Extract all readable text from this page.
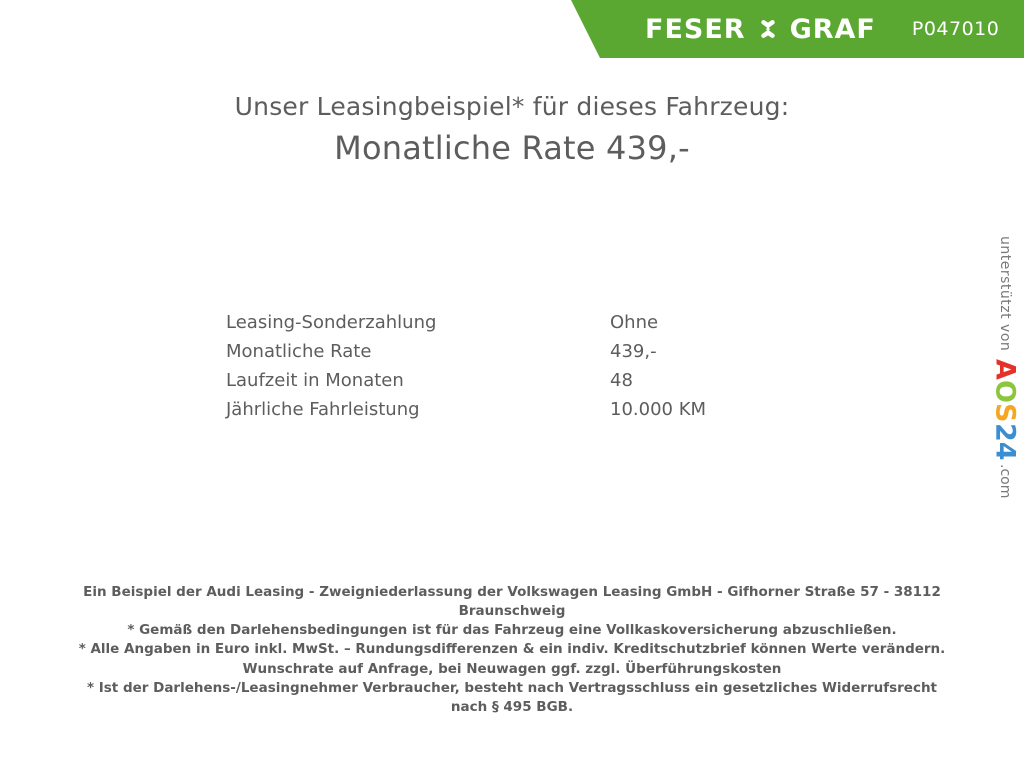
FESER GRAF P047010
Unser Leasingbeispiel* für dieses Fahrzeug:
Monatliche Rate 439,-
Leasing-Sonderzahlung	Ohne
Monatliche Rate	439,-
Laufzeit in Monaten	48
Jährliche Fahrleistung	10.000 KM

Ein Beispiel der Audi Leasing - Zweigniederlassung der Volkswagen Leasing GmbH - Gifhorner Straße 57 - 38112

Braunschweig

* Gemäß den Darlehensbedingungen ist für das Fahrzeug eine Vollkaskoversicherung abzuschließen.

* Alle Angaben in Euro inkl. MwSt. – Rundungsdifferenzen & ein indiv. Kreditschutzbrief können Werte verändern.

Wunschrate auf Anfrage, bei Neuwagen ggf. zzgl. Überführungskosten

* Ist der Darlehens-/Leasingnehmer Verbraucher, besteht nach Vertragsschluss ein gesetzliches Widerrufsrecht

nach § 495 BGB.

unterstützt von
AOS24
.com
